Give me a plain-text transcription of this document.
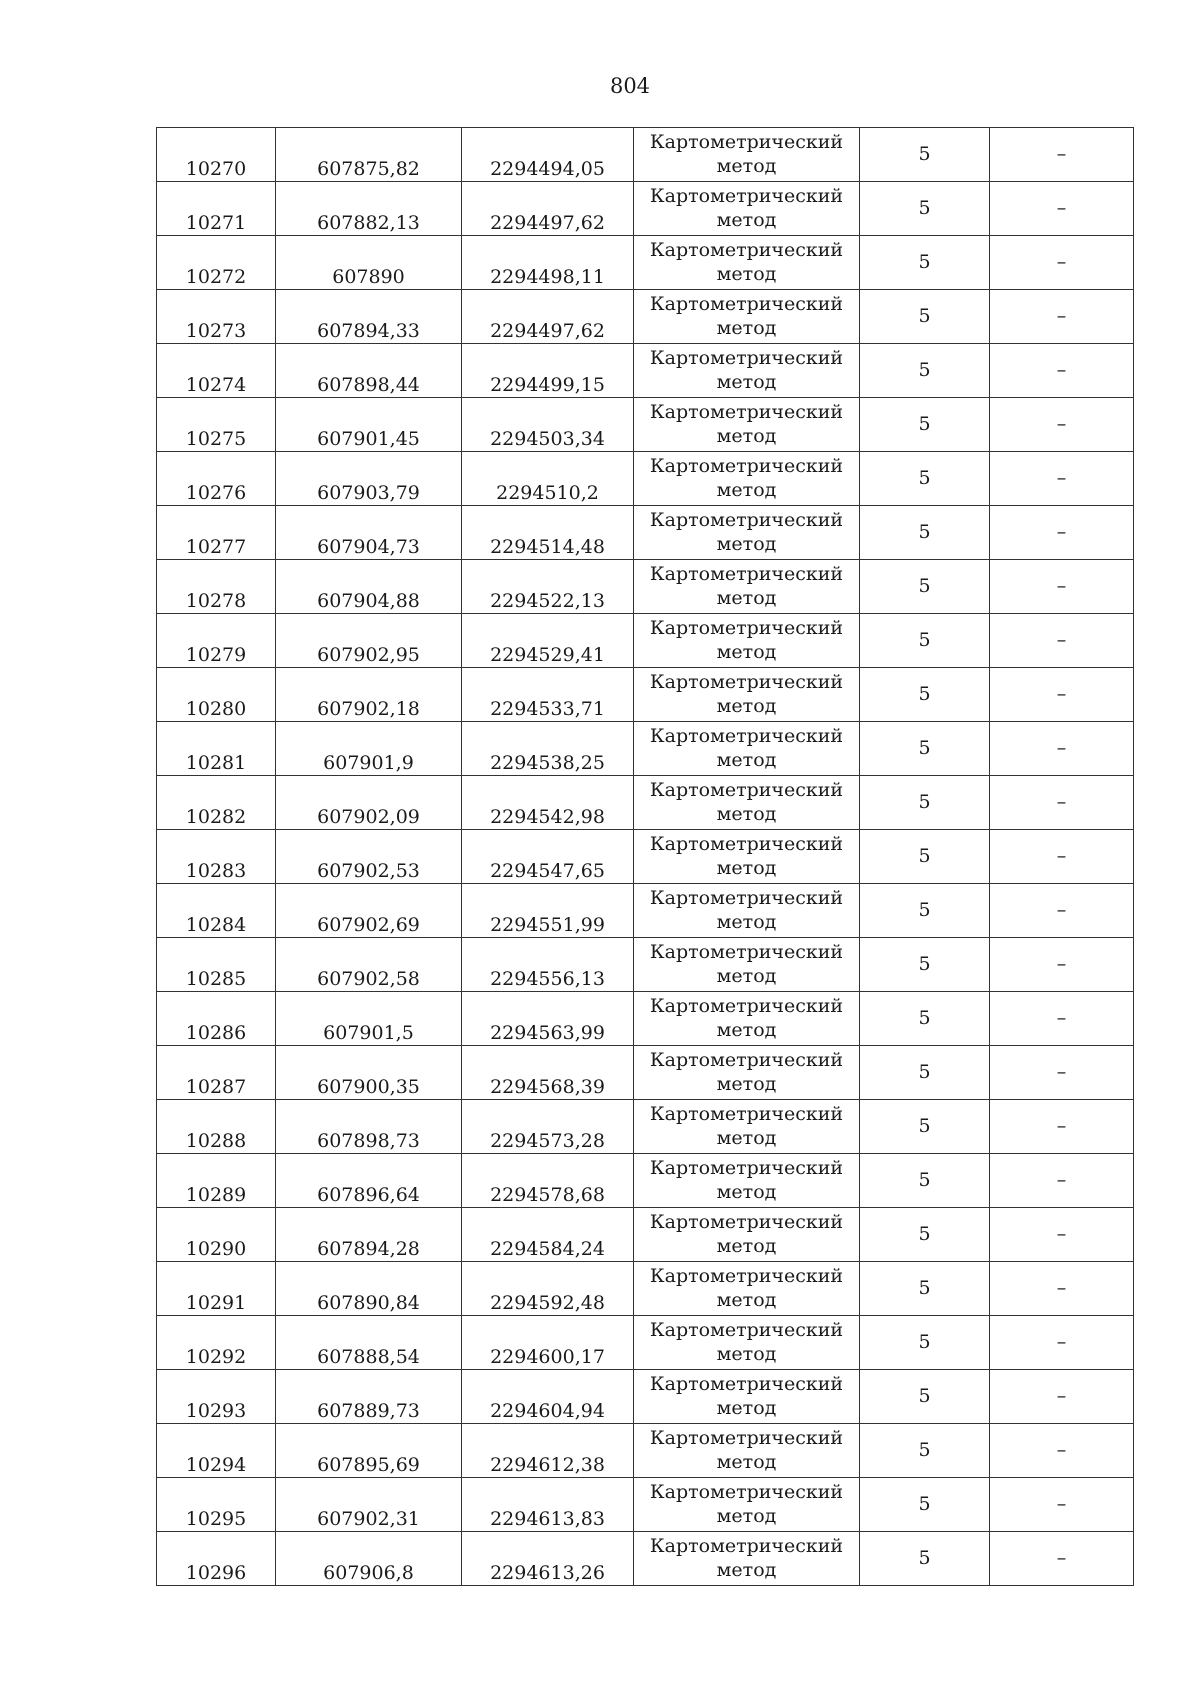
804
10270	607875,82	2294494,05	Картометрический метод	5	–
10271	607882,13	2294497,62	Картометрический метод	5	–
10272	607890	2294498,11	Картометрический метод	5	–
10273	607894,33	2294497,62	Картометрический метод	5	–
10274	607898,44	2294499,15	Картометрический метод	5	–
10275	607901,45	2294503,34	Картометрический метод	5	–
10276	607903,79	2294510,2	Картометрический метод	5	–
10277	607904,73	2294514,48	Картометрический метод	5	–
10278	607904,88	2294522,13	Картометрический метод	5	–
10279	607902,95	2294529,41	Картометрический метод	5	–
10280	607902,18	2294533,71	Картометрический метод	5	–
10281	607901,9	2294538,25	Картометрический метод	5	–
10282	607902,09	2294542,98	Картометрический метод	5	–
10283	607902,53	2294547,65	Картометрический метод	5	–
10284	607902,69	2294551,99	Картометрический метод	5	–
10285	607902,58	2294556,13	Картометрический метод	5	–
10286	607901,5	2294563,99	Картометрический метод	5	–
10287	607900,35	2294568,39	Картометрический метод	5	–
10288	607898,73	2294573,28	Картометрический метод	5	–
10289	607896,64	2294578,68	Картометрический метод	5	–
10290	607894,28	2294584,24	Картометрический метод	5	–
10291	607890,84	2294592,48	Картометрический метод	5	–
10292	607888,54	2294600,17	Картометрический метод	5	–
10293	607889,73	2294604,94	Картометрический метод	5	–
10294	607895,69	2294612,38	Картометрический метод	5	–
10295	607902,31	2294613,83	Картометрический метод	5	–
10296	607906,8	2294613,26	Картометрический метод	5	–
